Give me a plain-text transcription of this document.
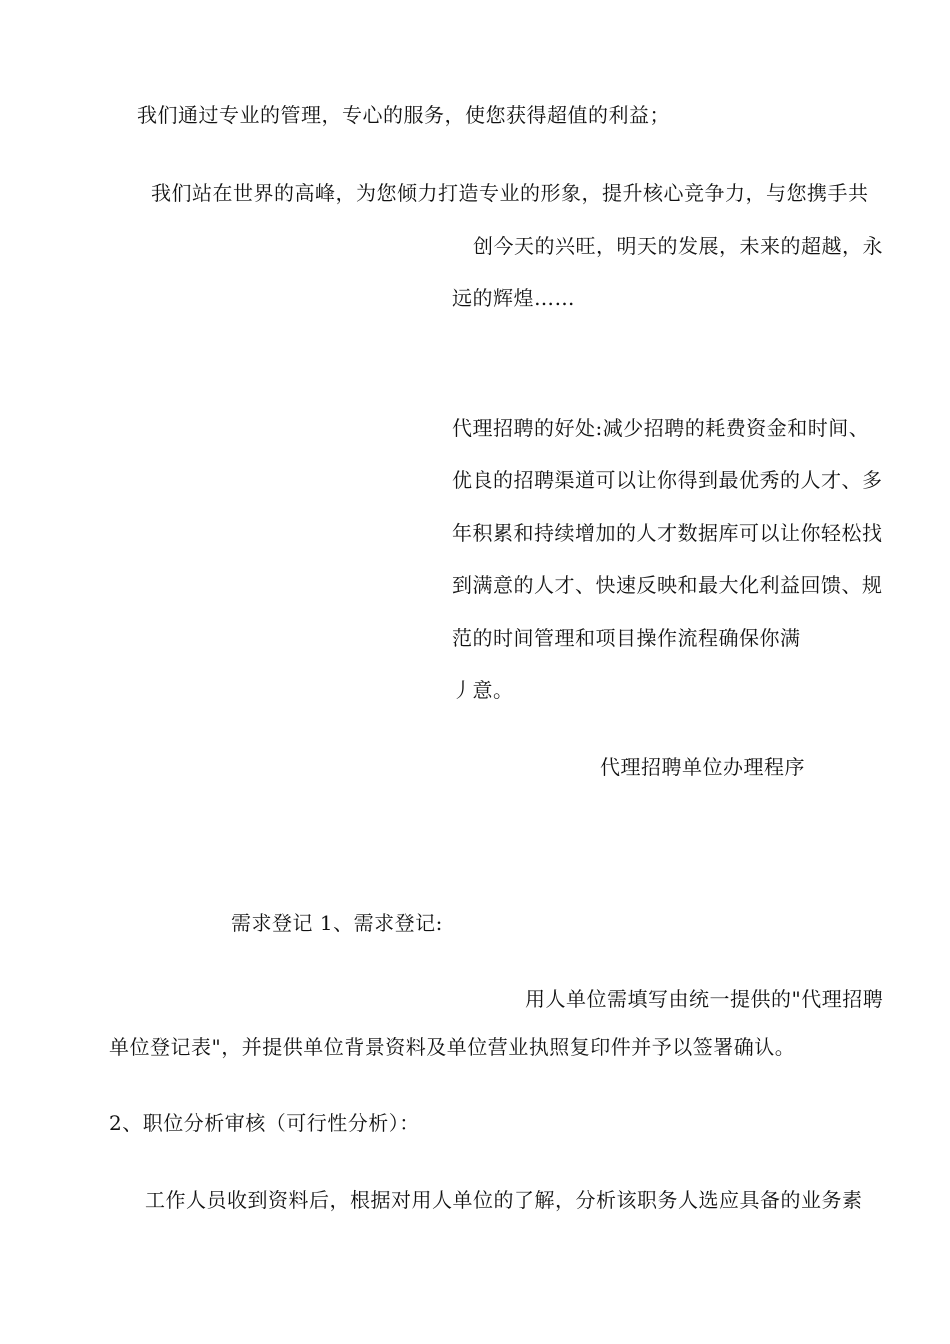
我们通过专业的管理，专心的服务，使您获得超值的利益；
我们站在世界的高峰，为您倾力打造专业的形象，提升核心竞争力，与您携手共
创今天的兴旺，明天的发展，未来的超越，永
远的辉煌……
代理招聘的好处:减少招聘的耗费资金和时间、
优良的招聘渠道可以让你得到最优秀的人才、多
年积累和持续增加的人才数据库可以让你轻松找
到满意的人才、快速反映和最大化利益回馈、规
范的时间管理和项目操作流程确保你满
丿意。
代理招聘单位办理程序
需求登记 1、需求登记:
用人单位需填写由统一提供的"代理招聘
单位登记表"，并提供单位背景资料及单位营业执照复印件并予以签署确认。
2、职位分析审核（可行性分析）：
工作人员收到资料后，根据对用人单位的了解，分析该职务人选应具备的业务素
